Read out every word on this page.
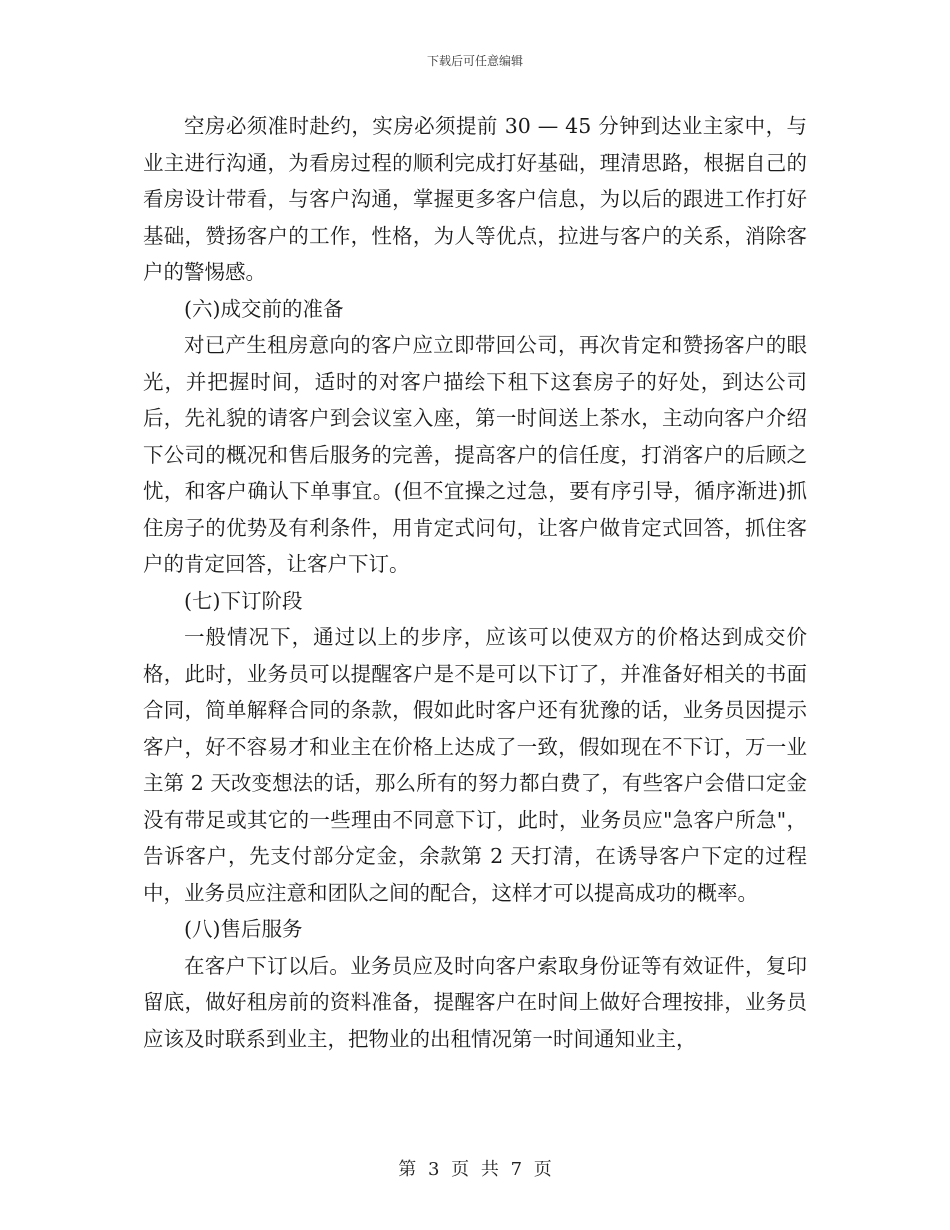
下载后可任意编辑

空房必须准时赴约，实房必须提前 30 — 45 分钟到达业主家中，与业主进行沟通，为看房过程的顺利完成打好基础，理清思路，根据自己的看房设计带看，与客户沟通，掌握更多客户信息，为以后的跟进工作打好基础，赞扬客户的工作，性格，为人等优点，拉进与客户的关系，消除客户的警惕感。

(六)成交前的准备

对已产生租房意向的客户应立即带回公司，再次肯定和赞扬客户的眼光，并把握时间，适时的对客户描绘下租下这套房子的好处，到达公司后，先礼貌的请客户到会议室入座，第一时间送上茶水，主动向客户介绍下公司的概况和售后服务的完善，提高客户的信任度，打消客户的后顾之忧，和客户确认下单事宜。(但不宜操之过急，要有序引导，循序渐进)抓住房子的优势及有利条件，用肯定式问句，让客户做肯定式回答，抓住客户的肯定回答，让客户下订。

(七)下订阶段

一般情况下，通过以上的步序，应该可以使双方的价格达到成交价格，此时，业务员可以提醒客户是不是可以下订了，并准备好相关的书面合同，简单解释合同的条款，假如此时客户还有犹豫的话，业务员因提示客户，好不容易才和业主在价格上达成了一致，假如现在不下订，万一业主第 2 天改变想法的话，那么所有的努力都白费了，有些客户会借口定金没有带足或其它的一些理由不同意下订，此时，业务员应"急客户所急"，告诉客户，先支付部分定金，余款第 2 天打清，在诱导客户下定的过程中，业务员应注意和团队之间的配合，这样才可以提高成功的概率。

(八)售后服务

在客户下订以后。业务员应及时向客户索取身份证等有效证件，复印留底，做好租房前的资料准备，提醒客户在时间上做好合理按排，业务员应该及时联系到业主，把物业的出租情况第一时间通知业主，

第 3 页 共 7 页
